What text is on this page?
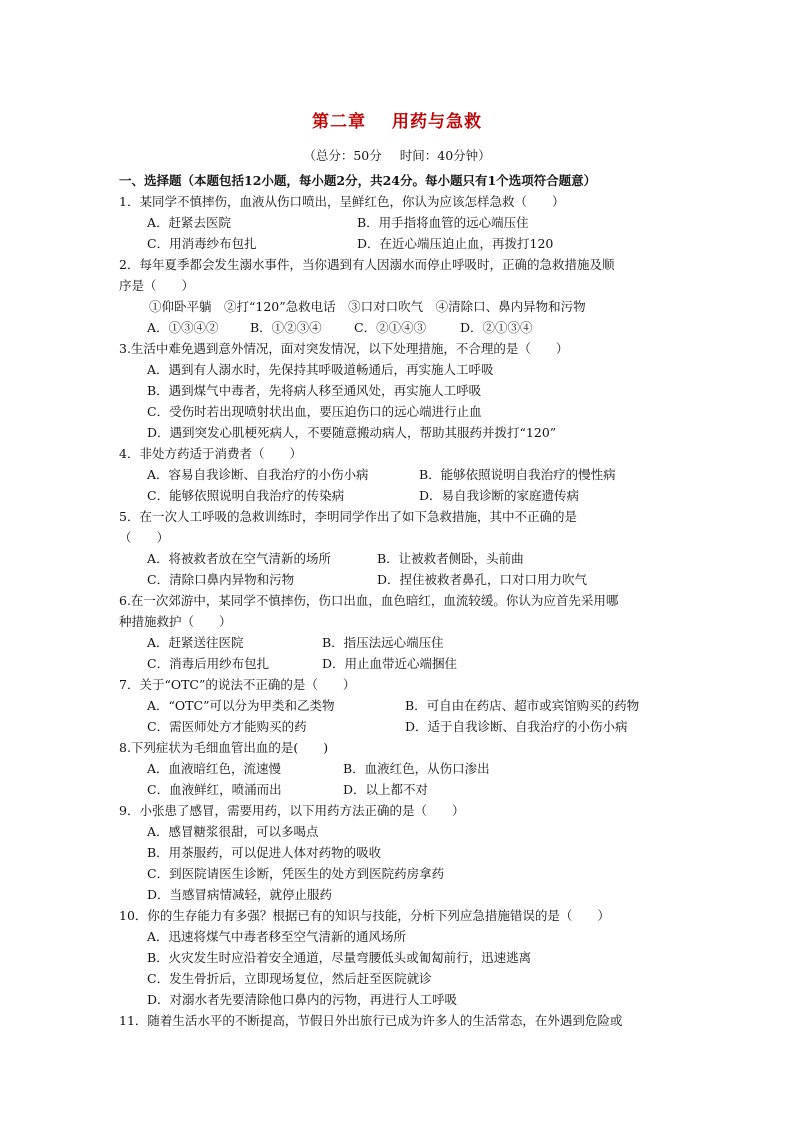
第二章 用药与急救
（总分：50分 时间：40分钟）
一、选择题（本题包括12小题，每小题2分，共24分。每小题只有1个选项符合题意）
1．某同学不慎摔伤，血液从伤口喷出，呈鲜红色，你认为应该怎样急救（　　）
A．赶紧去医院	B．用手指将血管的远心端压住
C．用消毒纱布包扎	D．在近心端压迫止血，再拨打120
2．每年夏季都会发生溺水事件，当你遇到有人因溺水而停止呼吸时，正确的急救措施及顺
序是（　　）
①仰卧平躺　②打“120”急救电话　③口对口吹气　④清除口、鼻内异物和污物
A．①③④②	B．①②③④	C．②①④③	D．②①③④
3.生活中难免遇到意外情况，面对突发情况，以下处理措施，不合理的是（　　）
A．遇到有人溺水时，先保持其呼吸道畅通后，再实施人工呼吸
B．遇到煤气中毒者，先将病人移至通风处，再实施人工呼吸
C．受伤时若出现喷射状出血，要压迫伤口的远心端进行止血
D．遇到突发心肌梗死病人，不要随意搬动病人，帮助其服药并拨打“120”
4．非处方药适于消费者（　　）
A．容易自我诊断、自我治疗的小伤小病	B．能够依照说明自我治疗的慢性病
C．能够依照说明自我治疗的传染病	D．易自我诊断的家庭遗传病
5．在一次人工呼吸的急救训练时，李明同学作出了如下急救措施，其中不正确的是
（　　）
A．将被救者放在空气清新的场所	B．让被救者侧卧，头前曲
C．清除口鼻内异物和污物	D．捏住被救者鼻孔，口对口用力吹气
6.在一次郊游中，某同学不慎摔伤，伤口出血，血色暗红，血流较缓。你认为应首先采用哪
种措施救护（　　）
A．赶紧送往医院	B．指压法远心端压住
C．消毒后用纱布包扎	D．用止血带近心端捆住
7．关于“OTC”的说法不正确的是（　　）
A．“OTC”可以分为甲类和乙类物	B．可自由在药店、超市或宾馆购买的药物
C．需医师处方才能购买的药	D．适于自我诊断、自我治疗的小伤小病
8.下列症状为毛细血管出血的是(　　)
A．血液暗红色，流速慢	B．血液红色，从伤口渗出
C．血液鲜红，喷涌而出	D．以上都不对
9．小张患了感冒，需要用药，以下用药方法正确的是（　　）
A．感冒糖浆很甜，可以多喝点
B．用茶服药，可以促进人体对药物的吸收
C．到医院请医生诊断，凭医生的处方到医院药房拿药
D．当感冒病情减轻，就停止服药
10．你的生存能力有多强？根据已有的知识与技能，分析下列应急措施错误的是（　　）
A．迅速将煤气中毒者移至空气清新的通风场所
B．火灾发生时应沿着安全通道，尽量弯腰低头或匍匐前行，迅速逃离
C．发生骨折后，立即现场复位，然后赶至医院就诊
D．对溺水者先要清除他口鼻内的污物，再进行人工呼吸
11．随着生活水平的不断提高，节假日外出旅行已成为许多人的生活常态，在外遇到危险或
